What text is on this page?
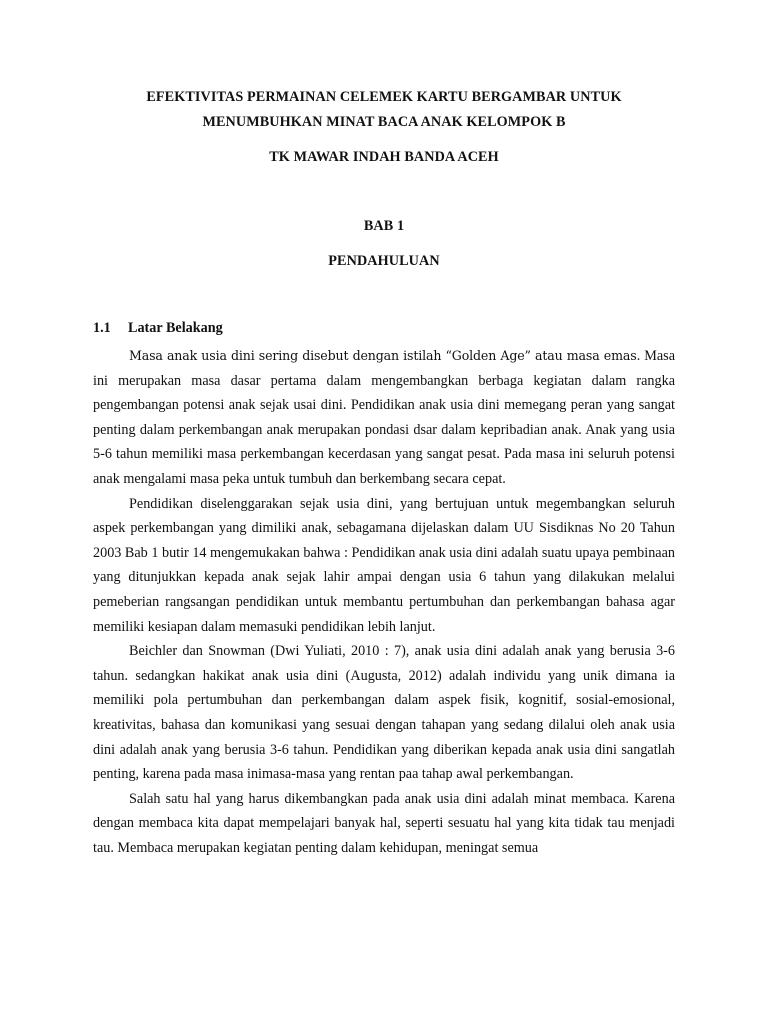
EFEKTIVITAS PERMAINAN CELEMEK KARTU BERGAMBAR UNTUK
MENUMBUHKAN MINAT BACA ANAK KELOMPOK B
TK MAWAR INDAH BANDA ACEH
BAB 1
PENDAHULUAN
1.1 Latar Belakang

Masa anak usia dini sering disebut dengan istilah “Golden Age” atau masa emas. Masa ini merupakan masa dasar pertama dalam mengembangkan berbaga kegiatan dalam rangka pengembangan potensi anak sejak usai dini. Pendidikan anak usia dini memegang peran yang sangat penting dalam perkembangan anak merupakan pondasi dsar dalam kepribadian anak. Anak yang usia 5-6 tahun memiliki masa perkembangan kecerdasan yang sangat pesat. Pada masa ini seluruh potensi anak mengalami masa peka untuk tumbuh dan berkembang secara cepat.

Pendidikan diselenggarakan sejak usia dini, yang bertujuan untuk megembangkan seluruh aspek perkembangan yang dimiliki anak, sebagamana dijelaskan dalam UU Sisdiknas No 20 Tahun 2003 Bab 1 butir 14 mengemukakan bahwa : Pendidikan anak usia dini adalah suatu upaya pembinaan yang ditunjukkan kepada anak sejak lahir ampai dengan usia 6 tahun yang dilakukan melalui pemeberian rangsangan pendidikan untuk membantu pertumbuhan dan perkembangan bahasa agar memiliki kesiapan dalam memasuki pendidikan lebih lanjut.

Beichler dan Snowman (Dwi Yuliati, 2010 : 7), anak usia dini adalah anak yang berusia 3-6 tahun. sedangkan hakikat anak usia dini (Augusta, 2012) adalah individu yang unik dimana ia memiliki pola pertumbuhan dan perkembangan dalam aspek fisik, kognitif, sosial-emosional, kreativitas, bahasa dan komunikasi yang sesuai dengan tahapan yang sedang dilalui oleh anak usia dini adalah anak yang berusia 3-6 tahun. Pendidikan yang diberikan kepada anak usia dini sangatlah penting, karena pada masa inimasa-masa yang rentan paa tahap awal perkembangan.

Salah satu hal yang harus dikembangkan pada anak usia dini adalah minat membaca. Karena dengan membaca kita dapat mempelajari banyak hal, seperti sesuatu hal yang kita tidak tau menjadi tau. Membaca merupakan kegiatan penting dalam kehidupan, meningat semua
